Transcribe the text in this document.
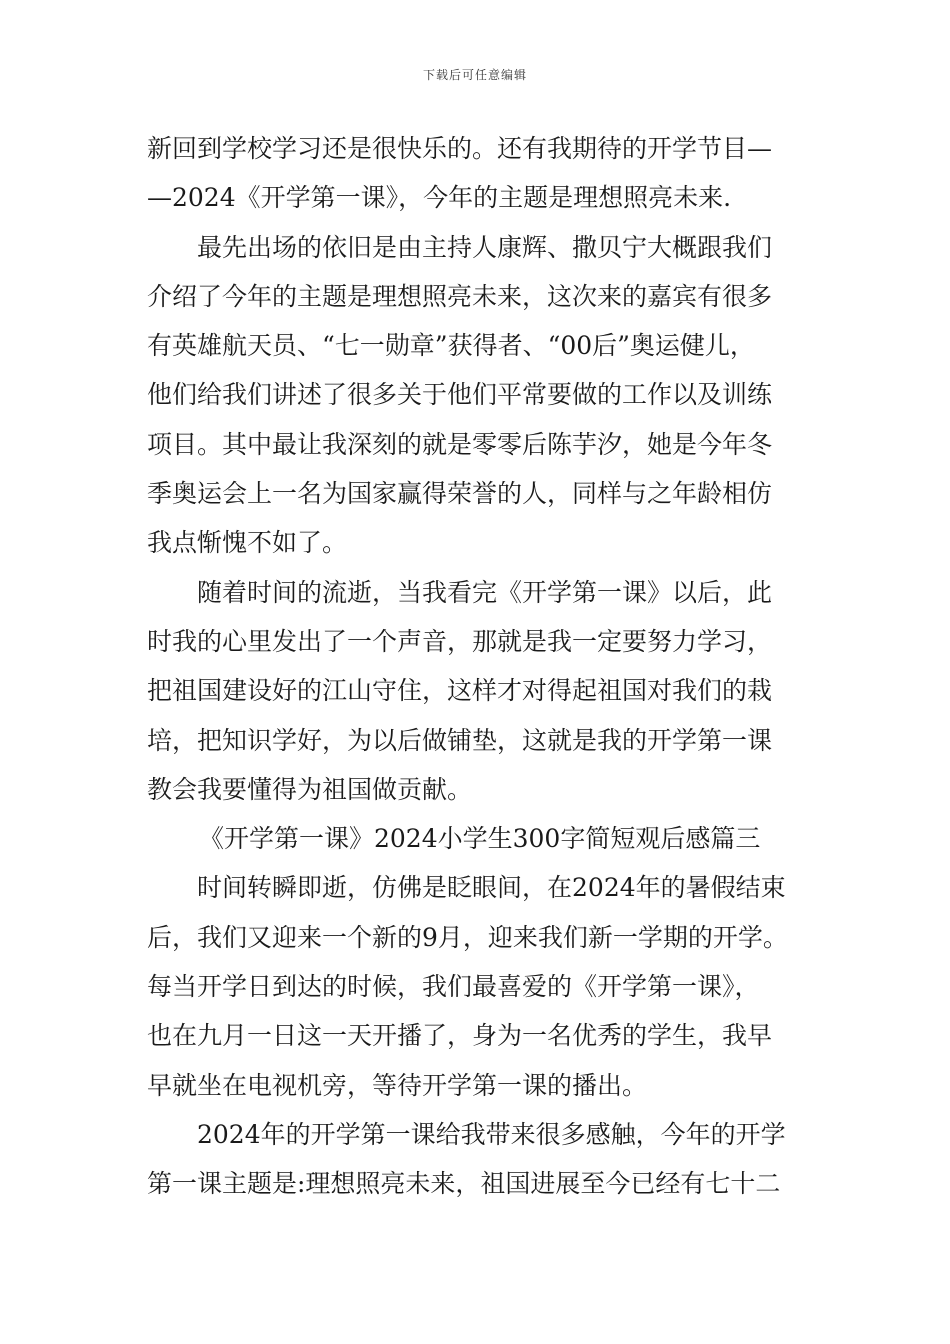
下载后可任意编辑
新回到学校学习还是很快乐的。还有我期待的开学节目—
—2024《开学第一课》，今年的主题是理想照亮未来.
最先出场的依旧是由主持人康辉、撒贝宁大概跟我们
介绍了今年的主题是理想照亮未来，这次来的嘉宾有很多
有英雄航天员、“七一勋章”获得者、“00后”奥运健儿，
他们给我们讲述了很多关于他们平常要做的工作以及训练
项目。其中最让我深刻的就是零零后陈芋汐，她是今年冬
季奥运会上一名为国家赢得荣誉的人，同样与之年龄相仿
我点惭愧不如了。
随着时间的流逝，当我看完《开学第一课》以后，此
时我的心里发出了一个声音，那就是我一定要努力学习，
把祖国建设好的江山守住，这样才对得起祖国对我们的栽
培，把知识学好，为以后做铺垫，这就是我的开学第一课
教会我要懂得为祖国做贡献。
《开学第一课》2024小学生300字简短观后感篇三
时间转瞬即逝，仿佛是眨眼间，在2024年的暑假结束
后，我们又迎来一个新的9月，迎来我们新一学期的开学。
每当开学日到达的时候，我们最喜爱的《开学第一课》，
也在九月一日这一天开播了，身为一名优秀的学生，我早
早就坐在电视机旁，等待开学第一课的播出。
2024年的开学第一课给我带来很多感触，今年的开学
第一课主题是:理想照亮未来，祖国进展至今已经有七十二
